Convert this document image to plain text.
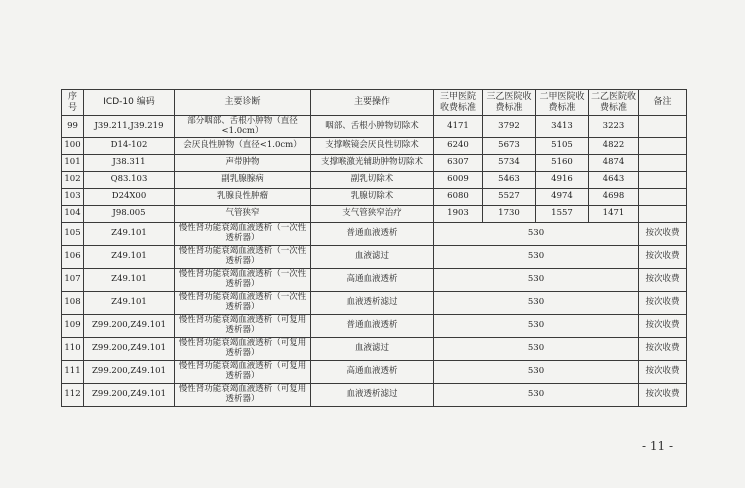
序号	ICD-10 编码	主要诊断	主要操作	三甲医院收费标准	三乙医院收费标准	二甲医院收费标准	二乙医院收费标准	备注
99	J39.211,J39.219	部分咽部、舌根小肿物（直径<1.0cm）	咽部、舌根小肿物切除术	4171	3792	3413	3223	
100	D14-102	会厌良性肿物（直径<1.0cm）	支撑喉镜会厌良性切除术	6240	5673	5105	4822	
101	J38.311	声带肿物	支撑喉激光辅助肿物切除术	6307	5734	5160	4874	
102	Q83.103	副乳腺腺病	副乳切除术	6009	5463	4916	4643	
103	D24X00	乳腺良性肿瘤	乳腺切除术	6080	5527	4974	4698	
104	J98.005	气管狭窄	支气管狭窄治疗	1903	1730	1557	1471	
105	Z49.101	慢性肾功能衰竭血液透析（一次性透析器）	普通血液透析	530				按次收费
106	Z49.101	慢性肾功能衰竭血液透析（一次性透析器）	血液滤过	530				按次收费
107	Z49.101	慢性肾功能衰竭血液透析（一次性透析器）	高通血液透析	530				按次收费
108	Z49.101	慢性肾功能衰竭血液透析（一次性透析器）	血液透析滤过	530				按次收费
109	Z99.200,Z49.101	慢性肾功能衰竭血液透析（可复用透析器）	普通血液透析	530				按次收费
110	Z99.200,Z49.101	慢性肾功能衰竭血液透析（可复用透析器）	血液滤过	530				按次收费
111	Z99.200,Z49.101	慢性肾功能衰竭血液透析（可复用透析器）	高通血液透析	530				按次收费
112	Z99.200,Z49.101	慢性肾功能衰竭血液透析（可复用透析器）	血液透析滤过	530				按次收费
- 11 -
